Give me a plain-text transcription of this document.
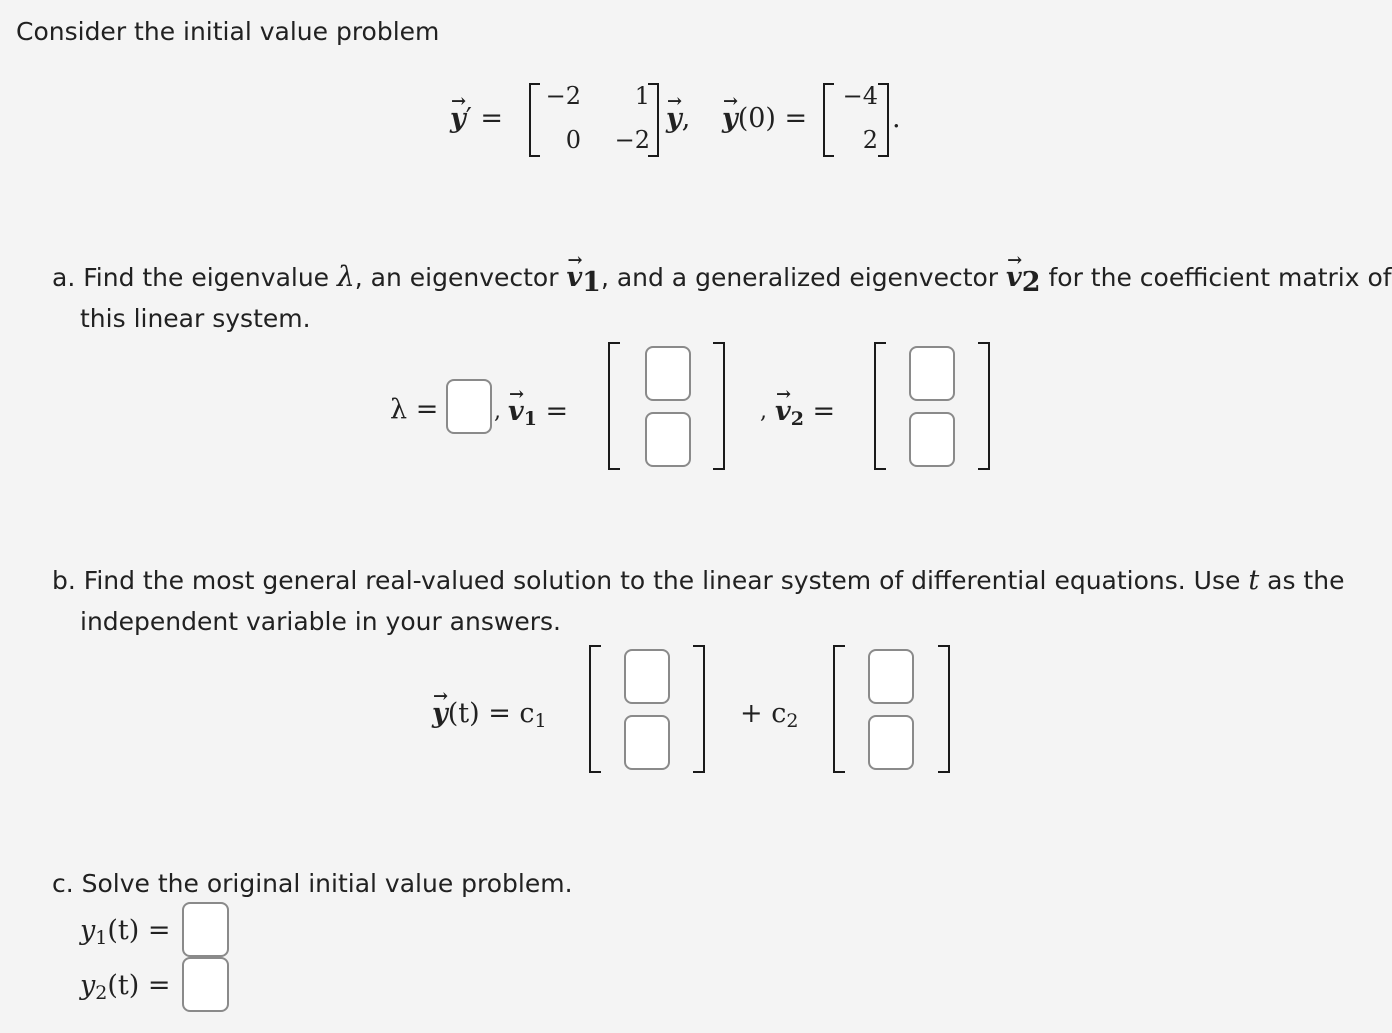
Consider the initial value problem
y →′ =
−2	1
0	−2
y →, y →(0) =
−4
2
.
a. Find the eigenvalue λ, an eigenvector $v \to_1$, and a generalized eigenvector $v \to_2$ for the coefficient matrix of
this linear system.
λ =	, $v \to_1$ =	, $v \to_2$ =
b. Find the most general real-valued solution to the linear system of differential equations. Use t as the
independent variable in your answers.
$y \to(t) = c_1$	+ $c_2$
c. Solve the original initial value problem.
$y_1(t)$ =
$y_2(t)$ =
